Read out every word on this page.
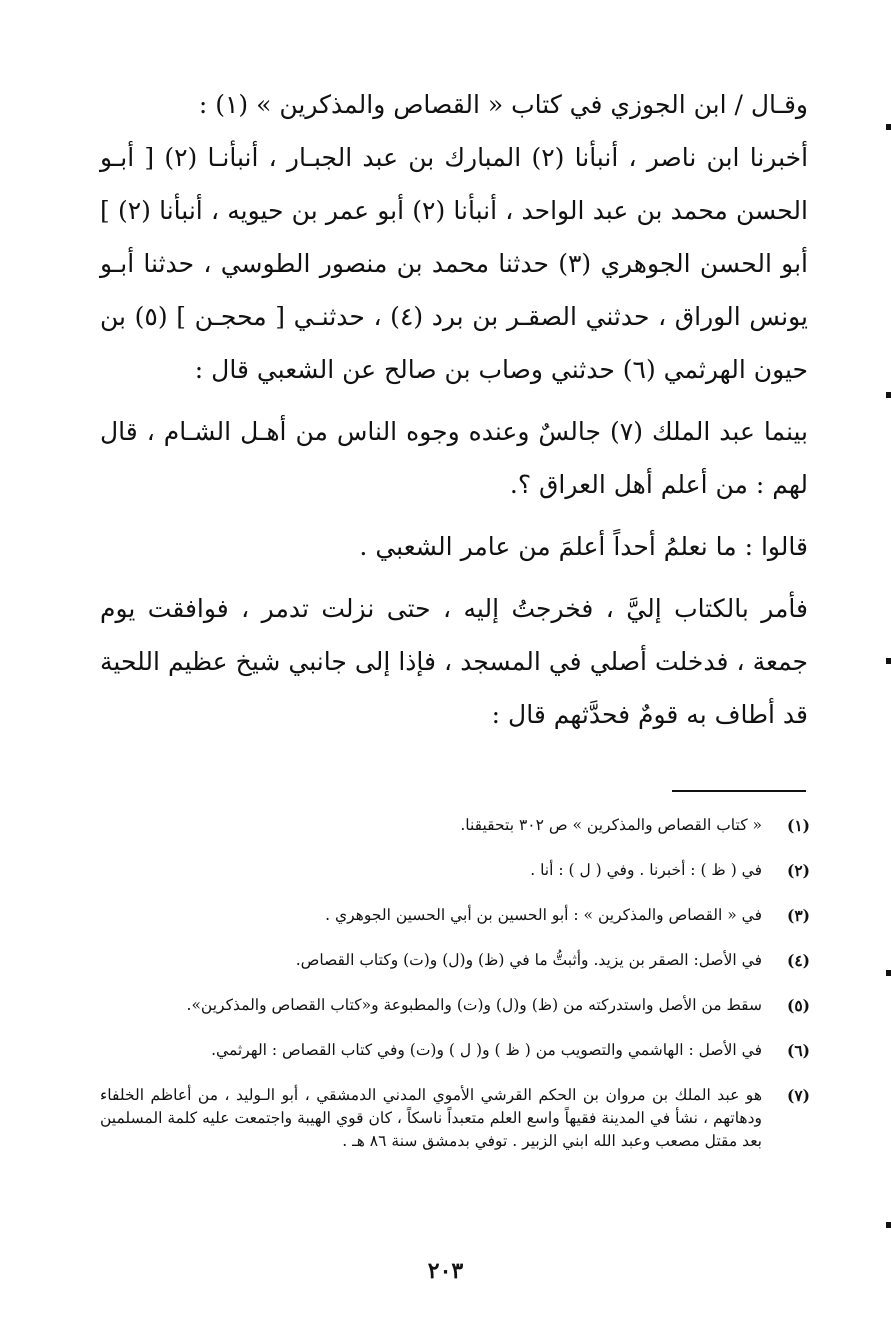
وقـال / ابن الجوزي في كتاب « القصاص والمذكرين » (١) :

أخبرنا ابن ناصر ، أنبأنا (٢) المبارك بن عبد الجبـار ، أنبأنـا (٢) [ أبـو الحسن محمد بن عبد الواحد ، أنبأنا (٢) أبو عمر بن حيويه ، أنبأنا (٢) ] أبو الحسن الجوهري (٣) حدثنا محمد بن منصور الطوسي ، حدثنا أبـو يونس الوراق ، حدثني الصقـر بن برد (٤) ، حدثنـي [ محجـن ] (٥) بن حيون الهرثمي (٦) حدثني وصاب بن صالح عن الشعبي قال :

بينما عبد الملك (٧) جالسٌ وعنده وجوه الناس من أهـل الشـام ، قال لهم : من أعلم أهل العراق ؟.

قالوا : ما نعلمُ أحداً أعلمَ من عامر الشعبي .

فأمر بالكتاب إليَّ ، فخرجتُ إليه ، حتى نزلت تدمر ، فوافقت يوم جمعة ، فدخلت أصلي في المسجد ، فإذا إلى جانبي شيخ عظيم اللحية قد أطاف به قومٌ فحدَّثهم قال :

(١)
« كتاب القصاص والمذكرين » ص ٣٠٢ بتحقيقنا.
(٢)
في ( ظ ) : أخبرنا . وفي ( ل ) : أنا .
(٣)
في « القصاص والمذكرين » : أبو الحسين بن أبي الحسين الجوهري .
(٤)
في الأصل: الصقر بن يزيد. وأثبتُّ ما في (ظ) و(ل) و(ت) وكتاب القصاص.
(٥)
سقط من الأصل واستدركته من (ظ) و(ل) و(ت) والمطبوعة و«كتاب القصاص والمذكرين».
(٦)
في الأصل : الهاشمي والتصويب من ( ظ ) و( ل ) و(ت) وفي كتاب القصاص : الهرثمي.
(٧)
هو عبد الملك بن مروان بن الحكم القرشي الأموي المدني الدمشقي ، أبو الـوليد ، من أعاظم الخلفاء ودهاتهم ، نشأ في المدينة فقيهاً واسع العلم متعبداً ناسكاً ، كان قوي الهيبة واجتمعت عليه كلمة المسلمين بعد مقتل مصعب وعبد الله ابني الزبير . توفي بدمشق سنة ٨٦ هـ .
٢٠٣
